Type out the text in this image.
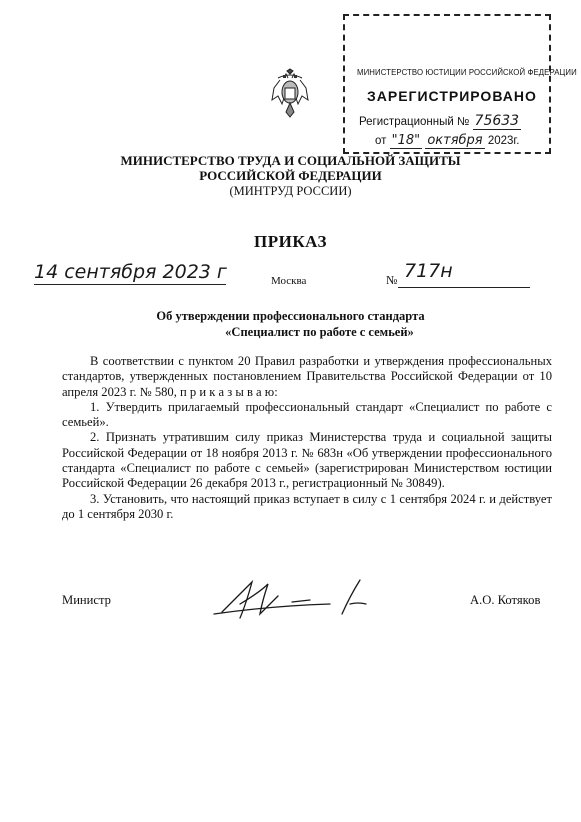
МИНИСТЕРСТВО ЮСТИЦИИ РОССИЙСКОЙ ФЕДЕРАЦИИ
ЗАРЕГИСТРИРОВАНО
Регистрационный № 75633
от "18" октября 2023г.
МИНИСТЕРСТВО ТРУДА И СОЦИАЛЬНОЙ ЗАЩИТЫ
РОССИЙСКОЙ ФЕДЕРАЦИИ
(МИНТРУД РОССИИ)
ПРИКАЗ
14 сентября 2023 г	Москва	№ 717н
Об утверждении профессионального стандарта
«Специалист по работе с семьей»

В соответствии с пунктом 20 Правил разработки и утверждения профессиональных стандартов, утвержденных постановлением Правительства Российской Федерации от 10 апреля 2023 г. № 580, п р и к а з ы в а ю:

1. Утвердить прилагаемый профессиональный стандарт «Специалист по работе с семьей».

2. Признать утратившим силу приказ Министерства труда и социальной защиты Российской Федерации от 18 ноября 2013 г. № 683н «Об утверждении профессионального стандарта «Специалист по работе с семьей» (зарегистрирован Министерством юстиции Российской Федерации 26 декабря 2013 г., регистрационный № 30849).

3. Установить, что настоящий приказ вступает в силу с 1 сентября 2024 г. и действует до 1 сентября 2030 г.

Министр	А.О. Котяков
